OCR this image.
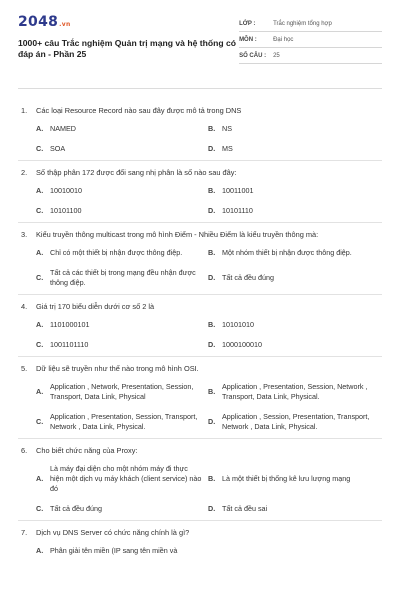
2048.vn
1000+ câu Trắc nghiệm Quản trị mạng và hệ thống có đáp án - Phần 25
LỚP :	Trắc nghiệm tổng hợp
MÔN :	Đại học
SỐ CÂU :	25
1.	Các loại Resource Record nào sau đây được mô tả trong DNS
A. NAMED	B. NS
C. SOA	D. MS
2.	Số thập phân 172 được đổi sang nhị phân là số nào sau đây:
A. 10010010	B. 10011001
C. 10101100	D. 10101110
3.	Kiểu truyền thông multicast trong mô hình Điểm - Nhiều Điểm là kiểu truyền thông mà:
A. Chỉ có một thiết bị nhận được thông điệp.	B. Một nhóm thiết bị nhận được thông điệp.
C.
Tất cả các thiết bị trong mạng đều nhận được thông điệp.
D. Tất cả đều đúng
4.	Giá trị 170 biểu diễn dưới cơ số 2 là
A. 1101000101	B. 10101010
C. 1001101110	D. 1000100010
5.	Dữ liệu sẽ truyền như thế nào trong mô hình OSI.
A.
Application , Network, Presentation, Session, Transport, Data Link, Physical
B.
Application , Presentation, Session, Network , Transport, Data Link, Physical.
C.
Application , Presentation, Session, Transport, Network , Data Link, Physical.
D.
Application , Session, Presentation, Transport, Network , Data Link, Physical.
6.	Cho biết chức năng của Proxy:
A.
Là máy đại diện cho một nhóm máy đi thực hiện một dịch vụ máy khách (client service) nào đó
B. Là một thiết bị thống kê lưu lượng mạng
C. Tất cả đều đúng	D. Tất cả đều sai
7.	Dịch vụ DNS Server có chức năng chính là gì?
A. Phân giải tên miền (IP sang tên miền và
